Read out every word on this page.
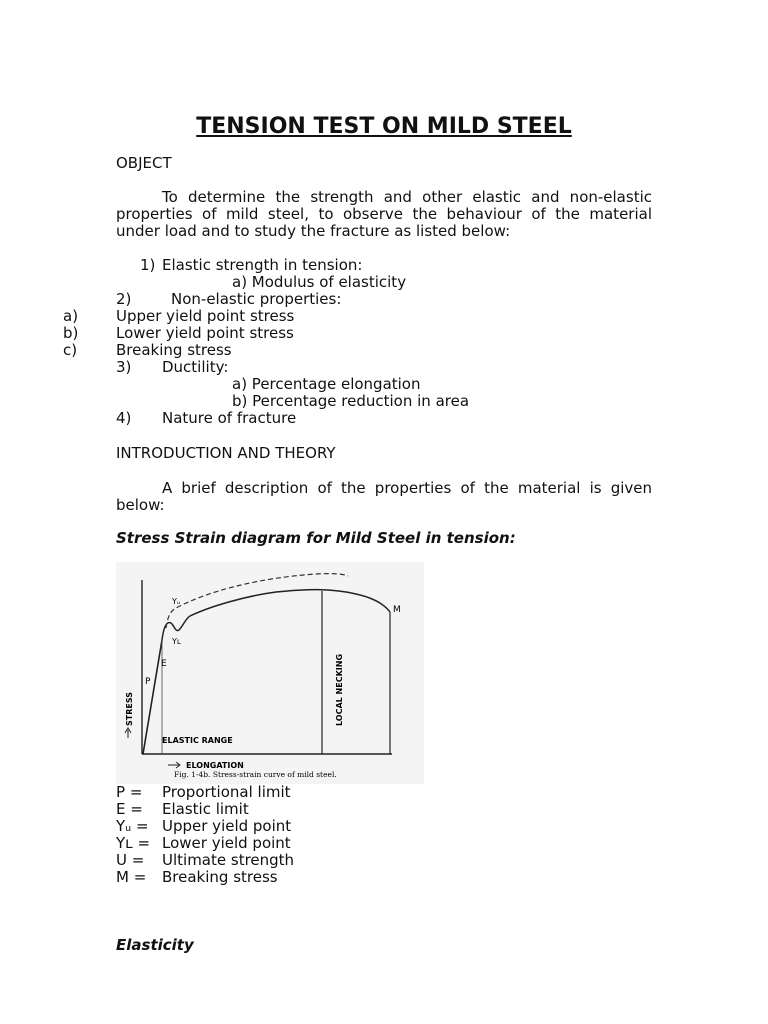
TENSION TEST ON MILD STEEL
OBJECT
To determine the strength and other elastic and non-elastic properties of mild steel, to observe the behaviour of the material under load and to study the fracture as listed below:
1) Elastic strength in tension:
a) Modulus of elasticity
2)	Non-elastic properties:
a)	Upper yield point stress
b)	Lower yield point stress
c)	Breaking stress
3) Ductility:
a) Percentage elongation
b) Percentage reduction in area
4) Nature of fracture
INTRODUCTION AND THEORY
A brief description of the properties of the material is given below:
Stress Strain diagram for Mild Steel in tension:
Yᵤ
Yʟ
E
P
M
STRESS
ELASTIC RANGE
LOCAL NECKING
ELONGATION
Fig. 1-4b. Stress-strain curve of mild steel.
P = Proportional limit
E = Elastic limit
Yᵤ = Upper yield point
Yʟ = Lower yield point
U = Ultimate strength
M = Breaking stress
Elasticity
